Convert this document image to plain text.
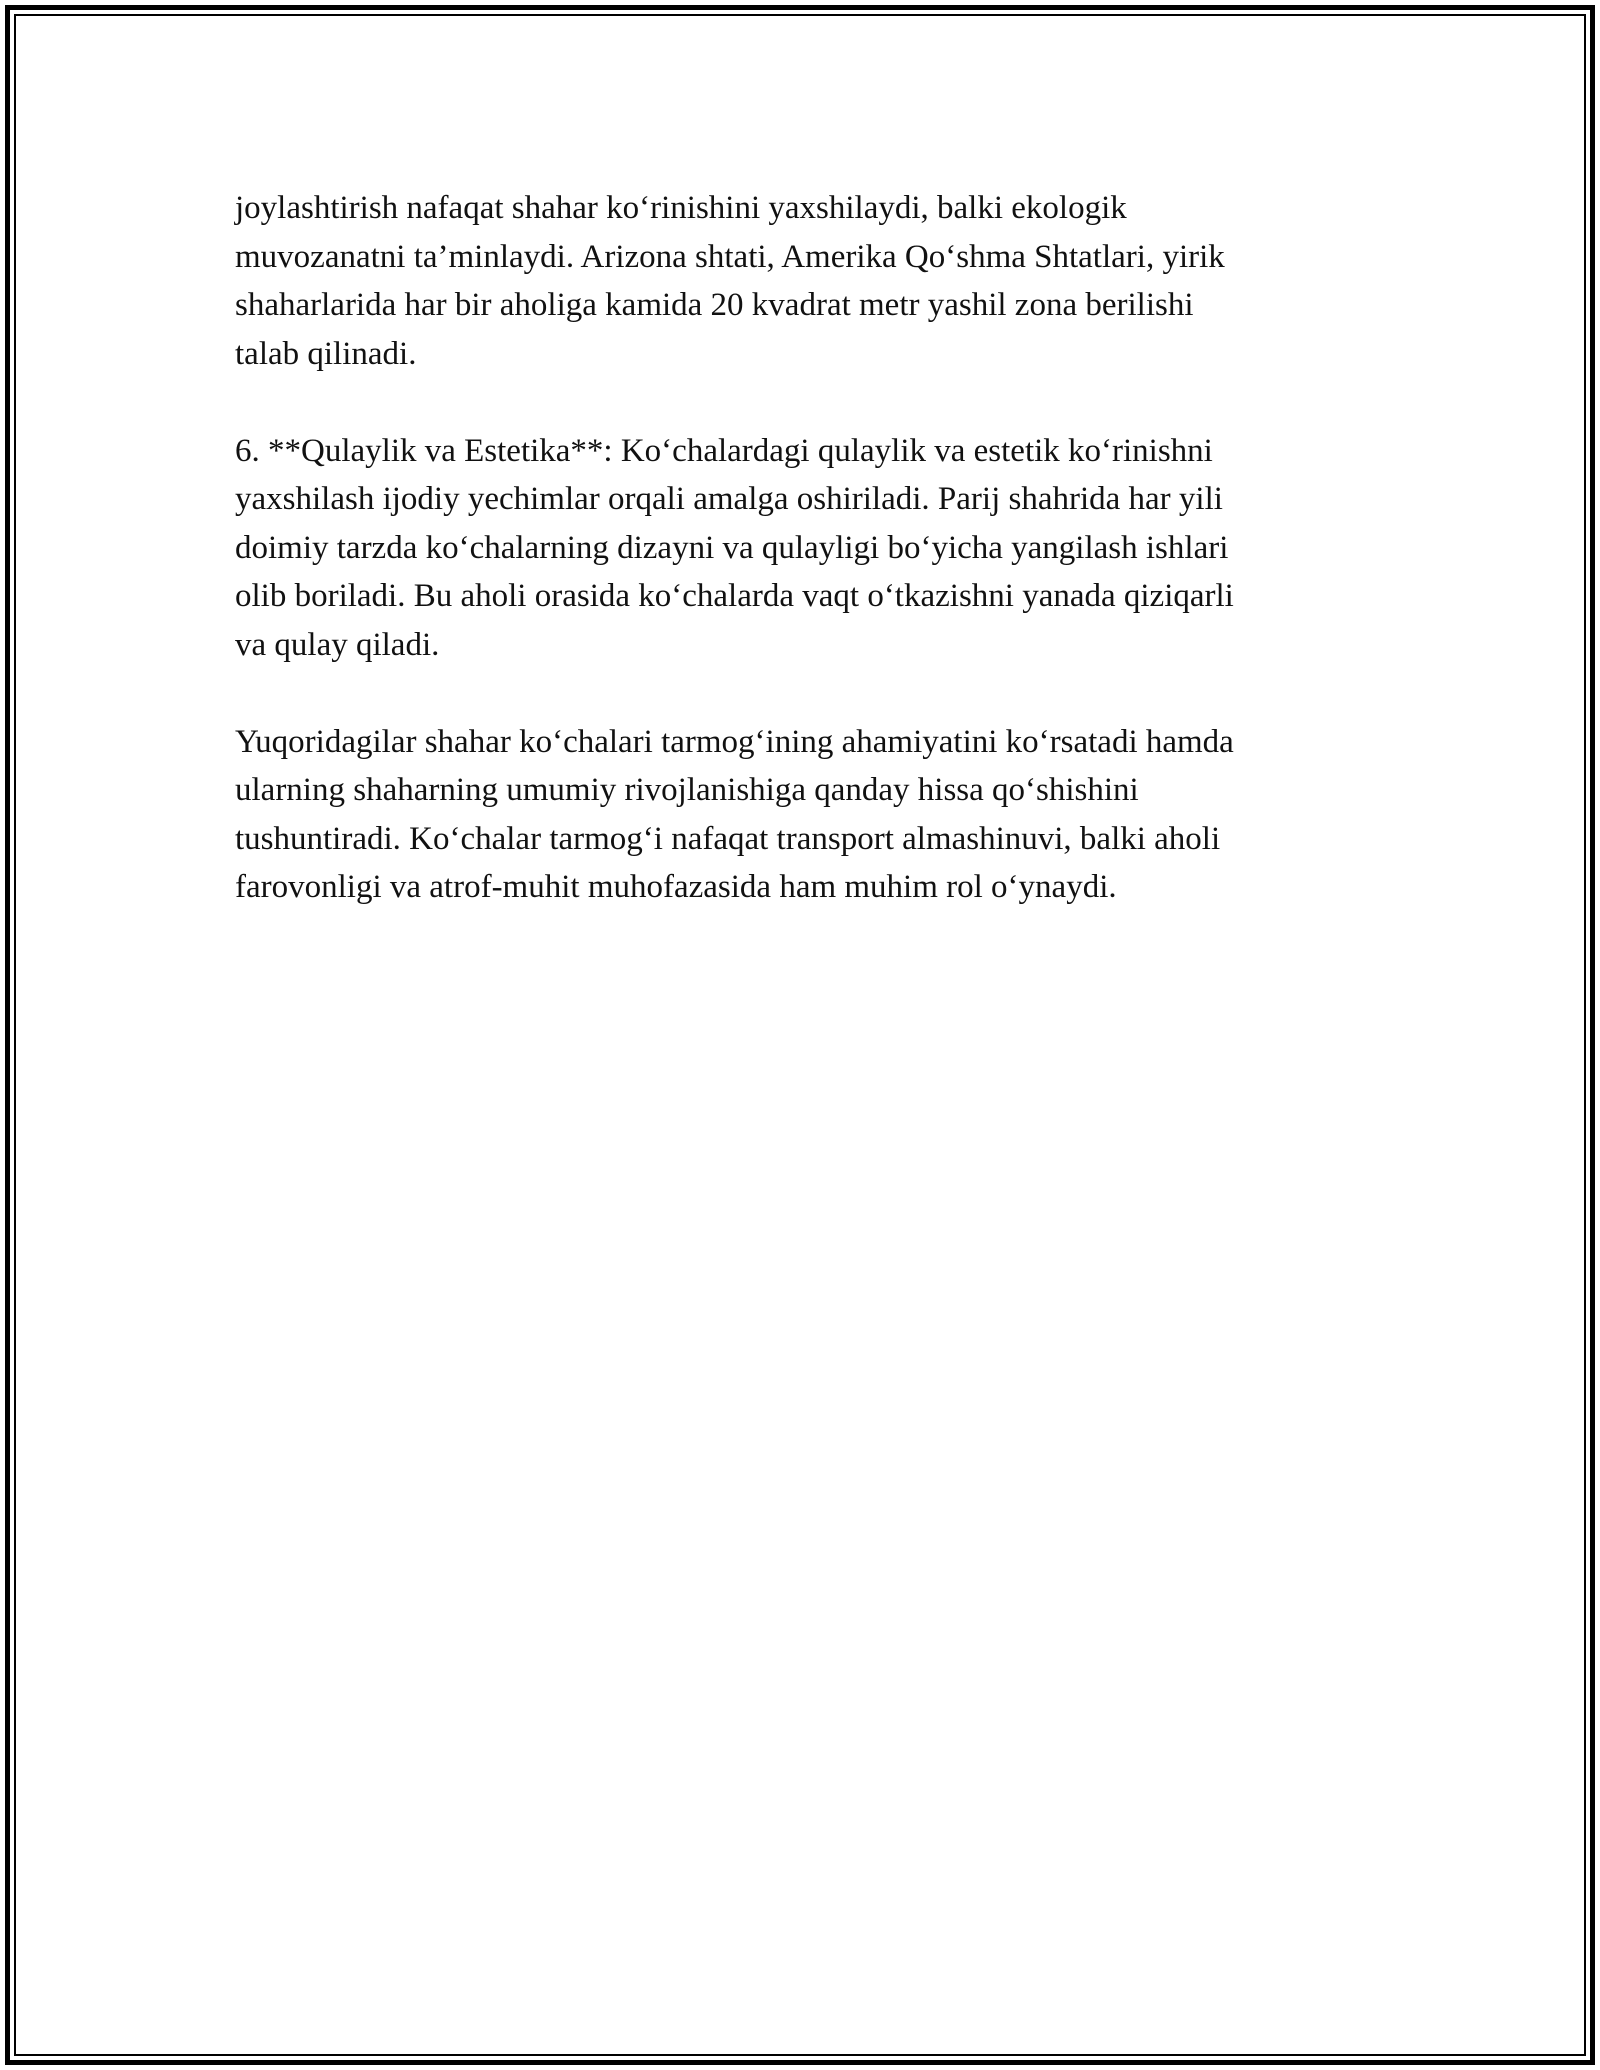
joylashtirish nafaqat shahar ko‘rinishini yaxshilaydi, balki ekologik
muvozanatni ta’minlaydi. Arizona shtati, Amerika Qo‘shma Shtatlari, yirik
shaharlarida har bir aholiga kamida 20 kvadrat metr yashil zona berilishi
talab qilinadi.

6. **Qulaylik va Estetika**: Ko‘chalardagi qulaylik va estetik ko‘rinishni
yaxshilash ijodiy yechimlar orqali amalga oshiriladi. Parij shahrida har yili
doimiy tarzda ko‘chalarning dizayni va qulayligi bo‘yicha yangilash ishlari
olib boriladi. Bu aholi orasida ko‘chalarda vaqt o‘tkazishni yanada qiziqarli
va qulay qiladi.

Yuqoridagilar shahar ko‘chalari tarmog‘ining ahamiyatini ko‘rsatadi hamda
ularning shaharning umumiy rivojlanishiga qanday hissa qo‘shishini
tushuntiradi. Ko‘chalar tarmog‘i nafaqat transport almashinuvi, balki aholi
farovonligi va atrof-muhit muhofazasida ham muhim rol o‘ynaydi.
